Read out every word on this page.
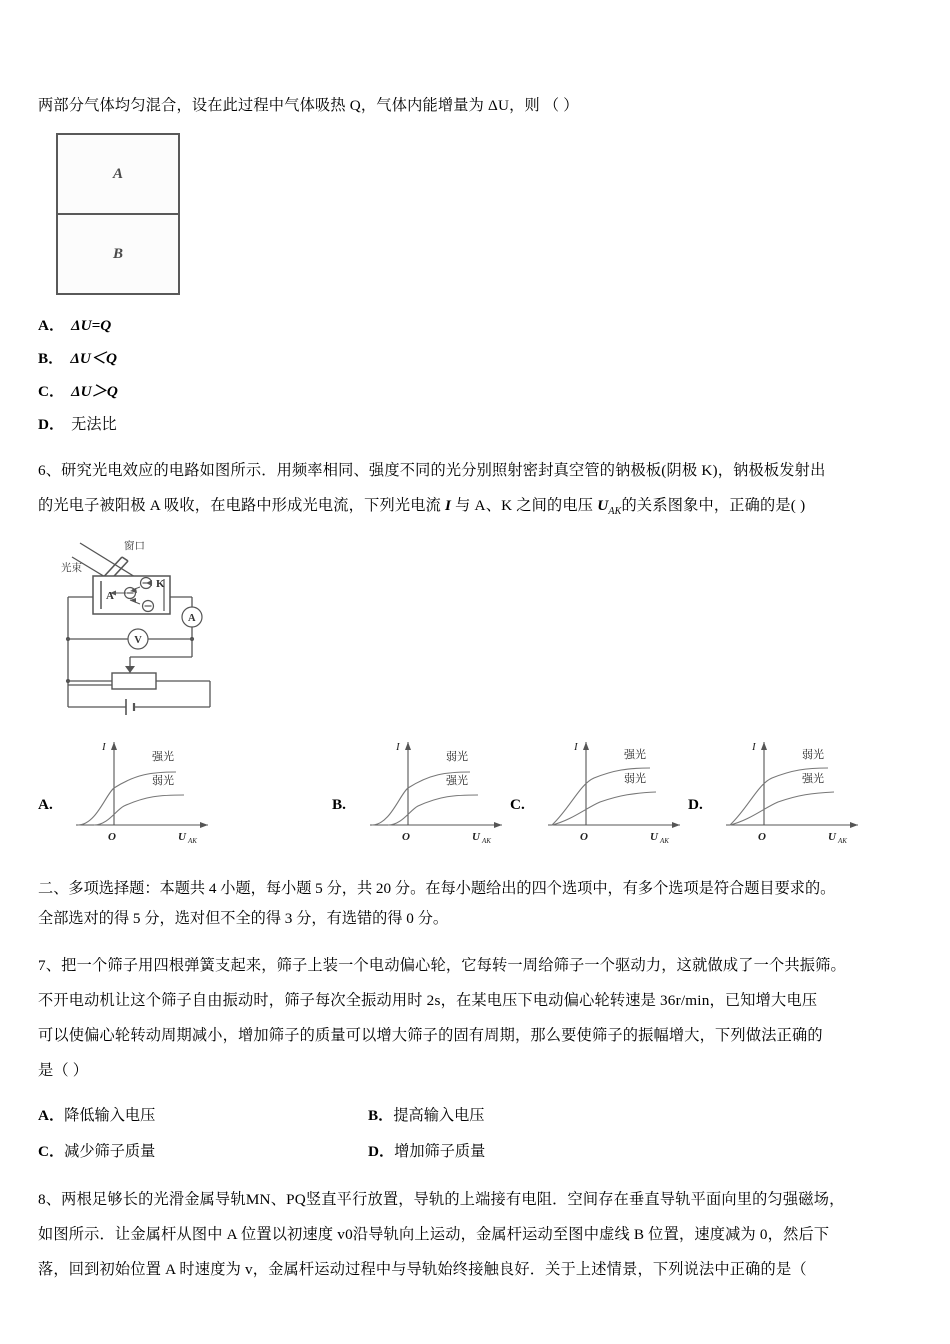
两部分气体均匀混合，设在此过程中气体吸热 Q，气体内能增量为 ΔU，则 （ ）
A
B
A． ΔU=Q
B． ΔU＜Q
C． ΔU＞Q
D． 无法比
6、研究光电效应的电路如图所示．用频率相同、强度不同的光分别照射密封真空管的钠极板(阴极 K)，钠极板发射出
的光电子被阳极 A 吸收，在电路中形成光电流，下列光电流 I 与 A、K 之间的电压 $U_{AK}$的关系图象中，正确的是( )
光束
窗口
A
K
A
V
A.
I
O	U AK
强光
弱光
B.
I
O	U AK
弱光
强光
C.
I
O	U AK
强光
弱光
D.
I
O	U AK
弱光
强光
二、多项选择题：本题共 4 小题，每小题 5 分，共 20 分。在每小题给出的四个选项中，有多个选项是符合题目要求的。
全部选对的得 5 分，选对但不全的得 3 分，有选错的得 0 分。
7、把一个筛子用四根弹簧支起来，筛子上装一个电动偏心轮，它每转一周给筛子一个驱动力，这就做成了一个共振筛。
不开电动机让这个筛子自由振动时，筛子每次全振动用时 2s，在某电压下电动偏心轮转速是 36r/min，已知增大电压
可以使偏心轮转动周期减小，增加筛子的质量可以增大筛子的固有周期，那么要使筛子的振幅增大，下列做法正确的
是（ ）
A．降低输入电压	B．提高输入电压
C．减少筛子质量	D．增加筛子质量
8、两根足够长的光滑金属导轨MN、PQ竖直平行放置，导轨的上端接有电阻．空间存在垂直导轨平面向里的匀强磁场，
如图所示．让金属杆从图中 A 位置以初速度 v0沿导轨向上运动，金属杆运动至图中虚线 B 位置，速度减为 0，然后下
落，回到初始位置 A 时速度为 v，金属杆运动过程中与导轨始终接触良好．关于上述情景，下列说法中正确的是（
